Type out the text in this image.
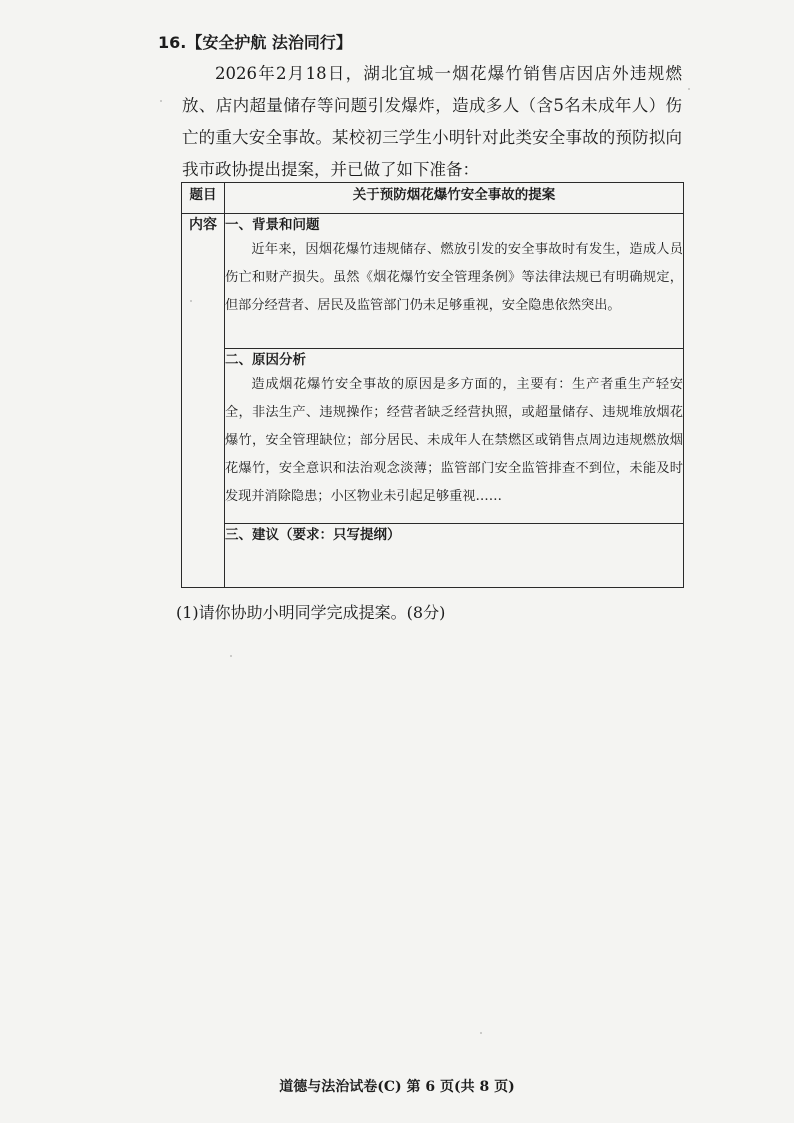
16.【安全护航 法治同行】
2026年2月18日，湖北宜城一烟花爆竹销售店因店外违规燃放、店内超量储存等问题引发爆炸，造成多人（含5名未成年人）伤亡的重大安全事故。某校初三学生小明针对此类安全事故的预防拟向我市政协提出提案，并已做了如下准备：
题目	关于预防烟花爆竹安全事故的提案
内容	一、背景和问题
近年来，因烟花爆竹违规储存、燃放引发的安全事故时有发生，造成人员伤亡和财产损失。虽然《烟花爆竹安全管理条例》等法律法规已有明确规定，但部分经营者、居民及监管部门仍未足够重视，安全隐患依然突出。

	二、原因分析
造成烟花爆竹安全事故的原因是多方面的，主要有：生产者重生产轻安全，非法生产、违规操作；经营者缺乏经营执照，或超量储存、违规堆放烟花爆竹，安全管理缺位；部分居民、未成年人在禁燃区或销售点周边违规燃放烟花爆竹，安全意识和法治观念淡薄；监管部门安全监管排查不到位，未能及时发现并消除隐患；小区物业未引起足够重视……

	三、建议（要求：只写提纲）
(1)请你协助小明同学完成提案。(8分)
道德与法治试卷(C) 第 6 页(共 8 页)
